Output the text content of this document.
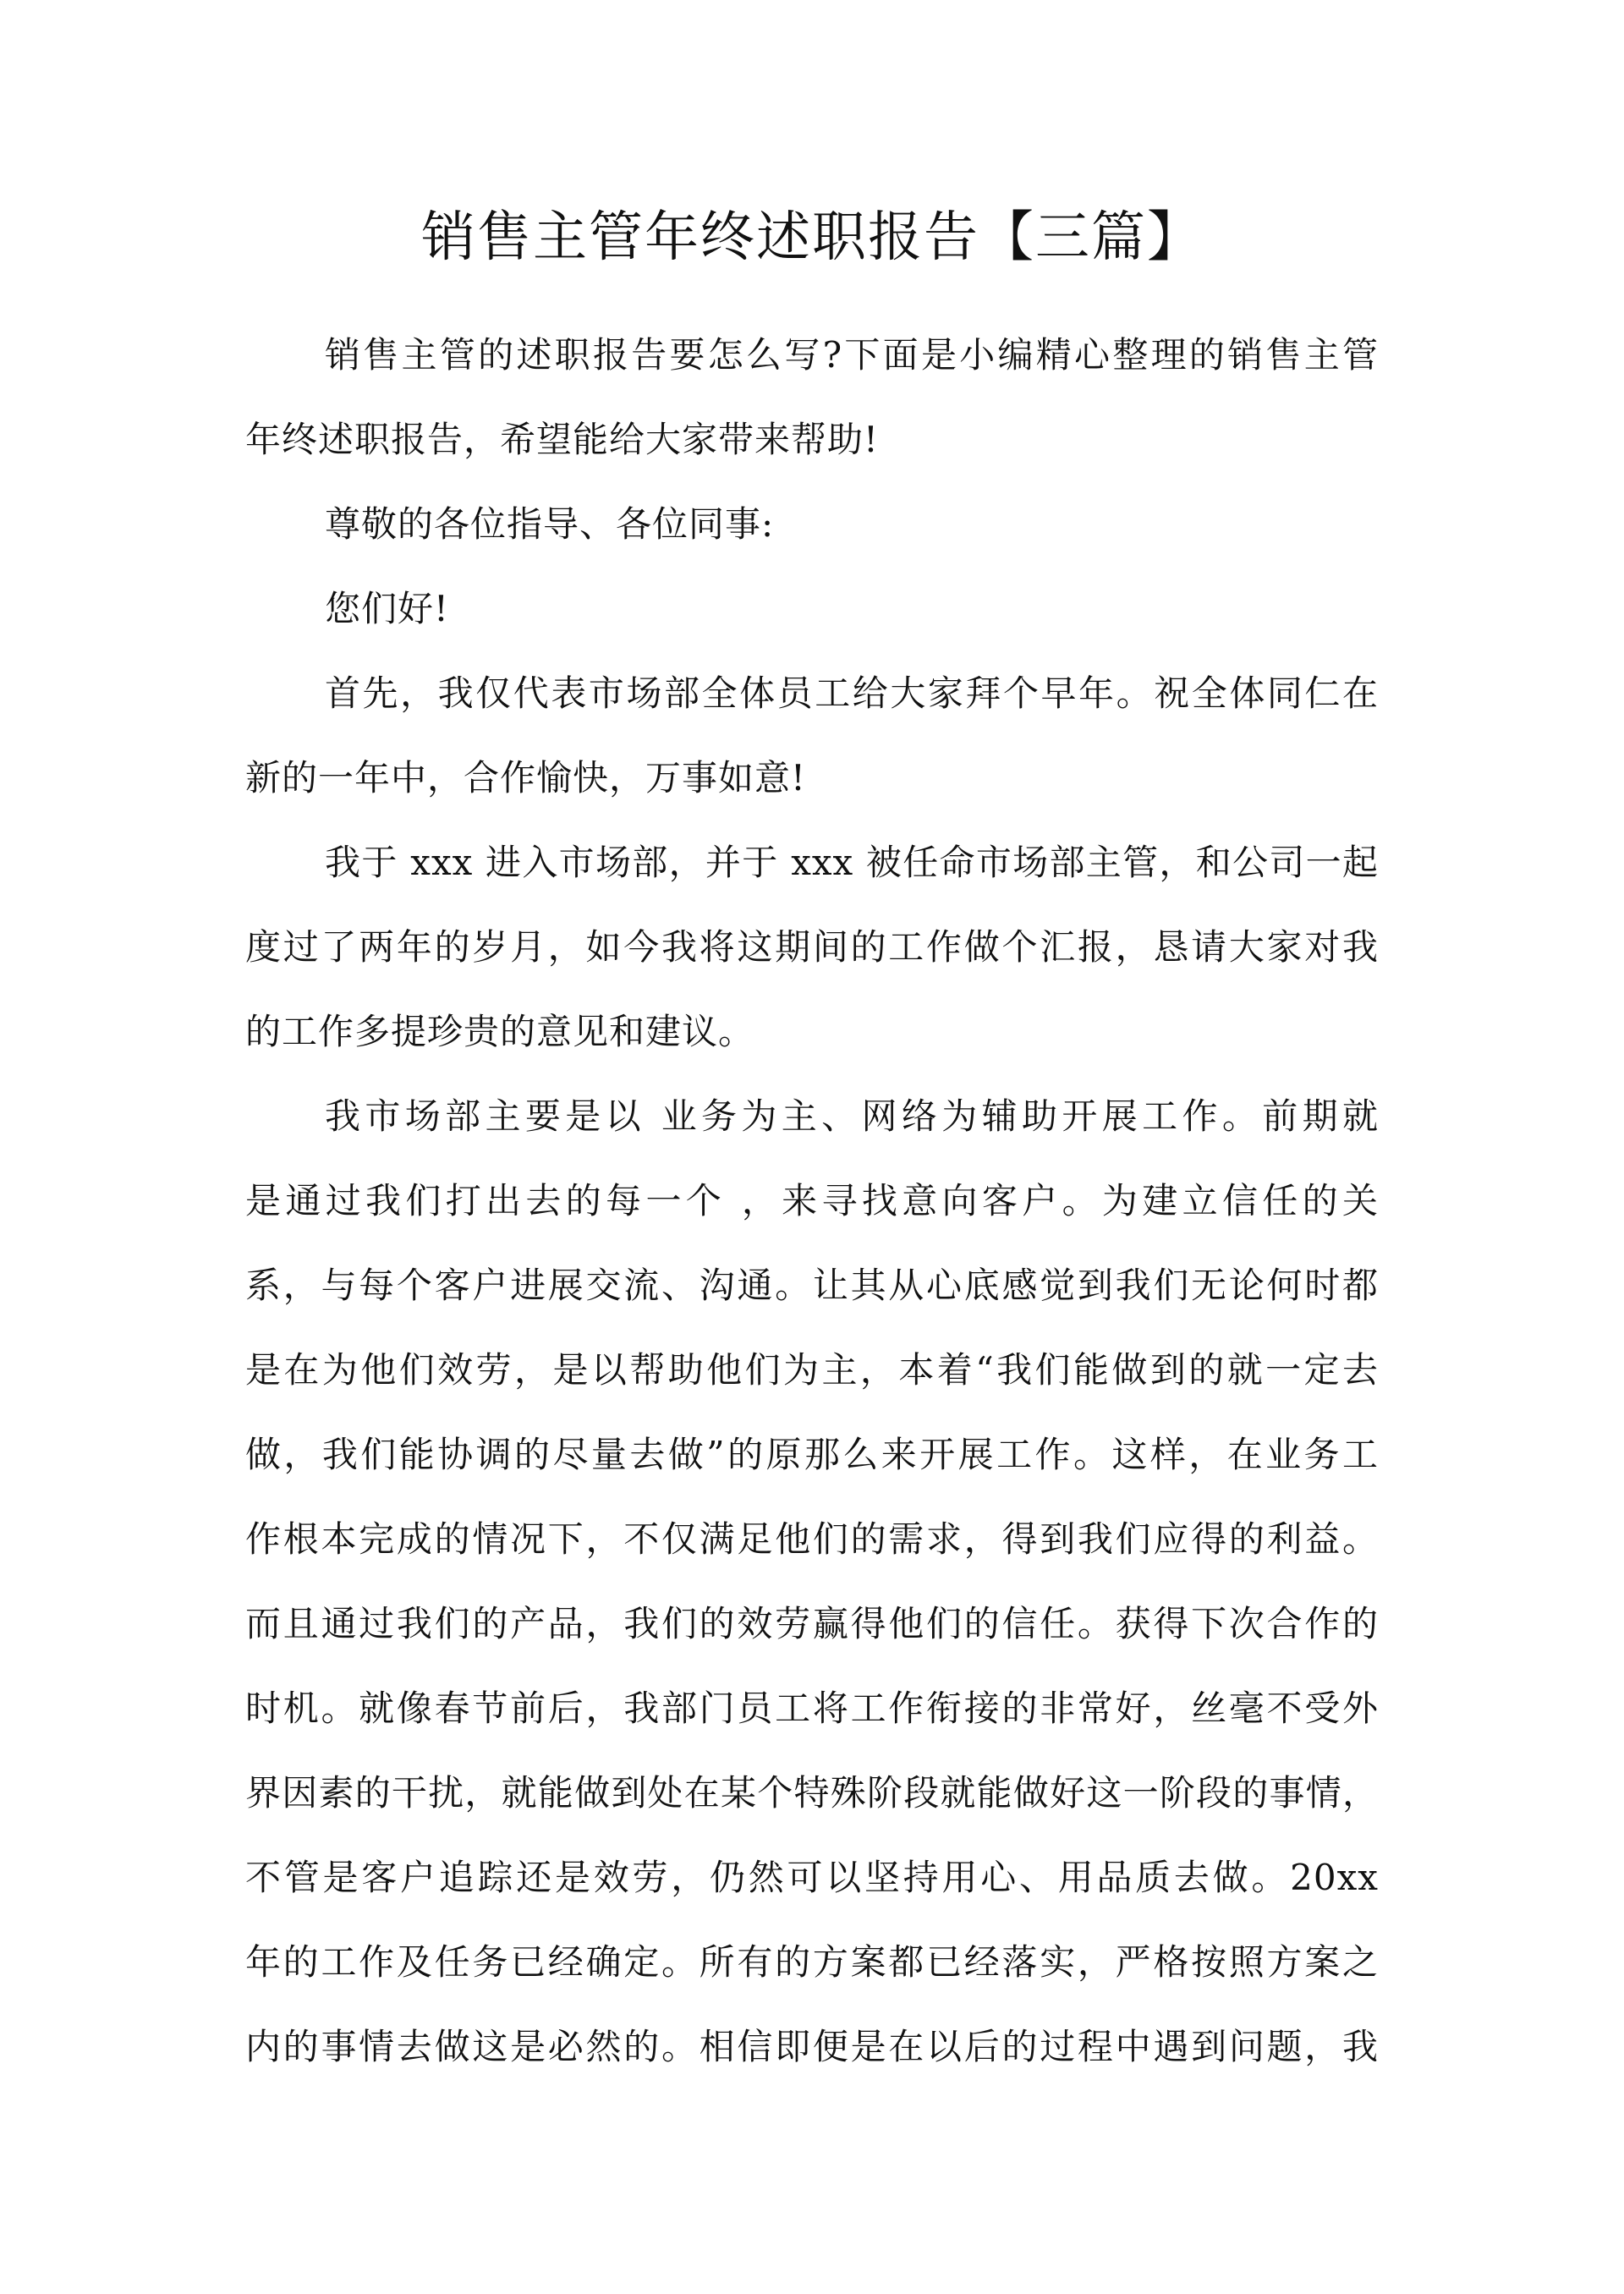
销售主管年终述职报告【三篇】
销售主管的述职报告要怎么写?下面是小编精心整理的销售主管
年终述职报告，希望能给大家带来帮助!
尊敬的各位指导、各位同事:
您们好!
首先，我仅代表市场部全体员工给大家拜个早年。祝全体同仁在
新的一年中，合作愉快，万事如意!
我于 xxx 进入市场部，并于 xxx 被任命市场部主管，和公司一起
度过了两年的岁月，如今我将这期间的工作做个汇报，恳请大家对我
的工作多提珍贵的意见和建议。
我市场部主要是以 业务为主、网络为辅助开展工作。前期就
是通过我们打出去的每一个 ，来寻找意向客户。为建立信任的关
系，与每个客户进展交流、沟通。让其从心底感觉到我们无论何时都
是在为他们效劳，是以帮助他们为主，本着“我们能做到的就一定去
做，我们能协调的尽量去做”的原那么来开展工作。这样，在业务工
作根本完成的情况下，不仅满足他们的需求，得到我们应得的利益。
而且通过我们的产品，我们的效劳赢得他们的信任。获得下次合作的
时机。就像春节前后，我部门员工将工作衔接的非常好，丝毫不受外
界因素的干扰，就能做到处在某个特殊阶段就能做好这一阶段的事情，
不管是客户追踪还是效劳，仍然可以坚持用心、用品质去做。20xx
年的工作及任务已经确定。所有的方案都已经落实，严格按照方案之
内的事情去做这是必然的。相信即便是在以后的过程中遇到问题，我
